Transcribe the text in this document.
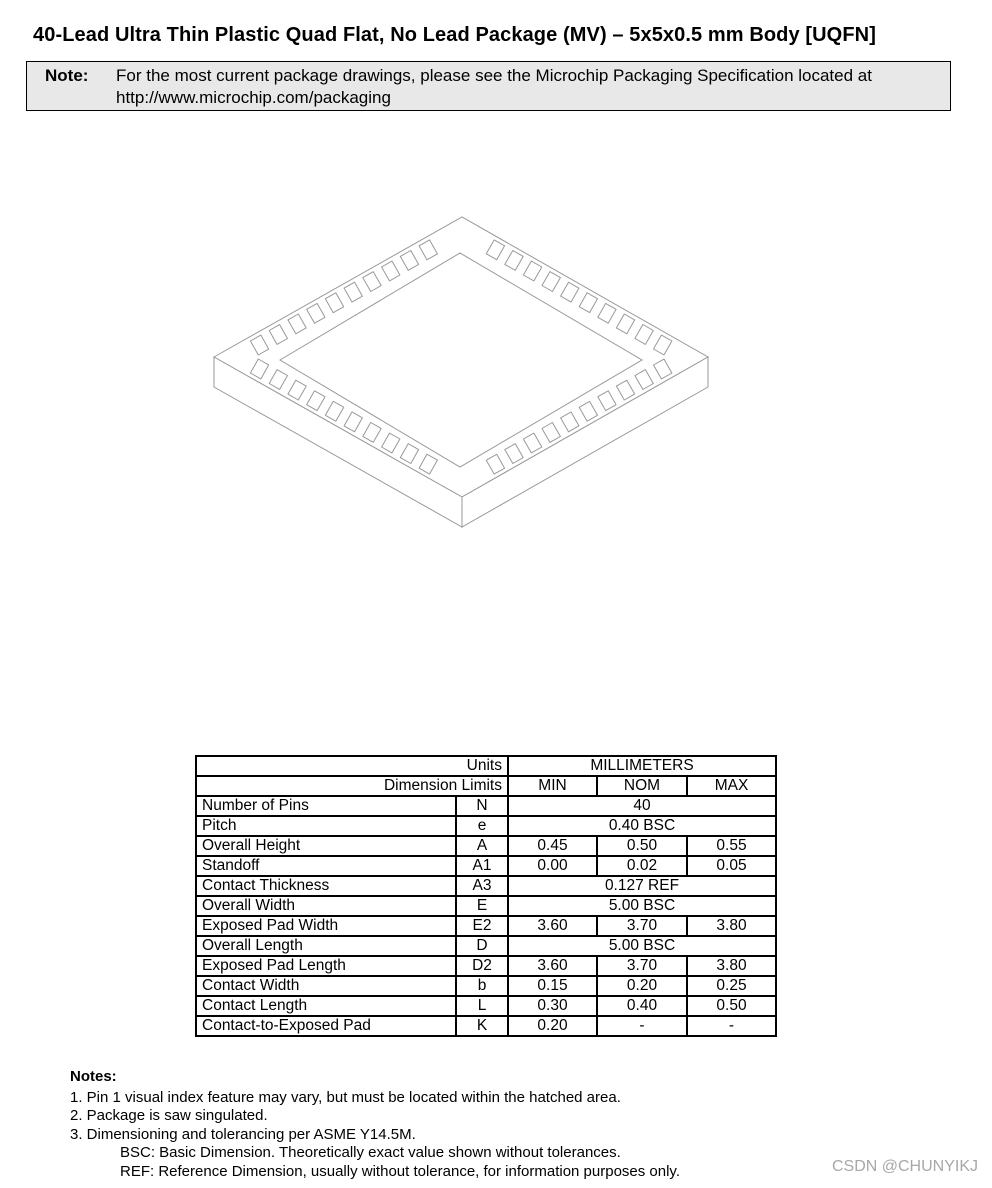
40-Lead Ultra Thin Plastic Quad Flat, No Lead Package (MV) – 5x5x0.5 mm Body [UQFN]
Note: For the most current package drawings, please see the Microchip Packaging Specification located at
http://www.microchip.com/packaging
Units		MILLIMETERS		
Dimension Limits		MIN	NOM	MAX
Number of Pins	N	40		
Pitch	e	0.40 BSC		
Overall Height	A	0.45	0.50	0.55
Standoff	A1	0.00	0.02	0.05
Contact Thickness	A3	0.127 REF		
Overall Width	E	5.00 BSC		
Exposed Pad Width	E2	3.60	3.70	3.80
Overall Length	D	5.00 BSC		
Exposed Pad Length	D2	3.60	3.70	3.80
Contact Width	b	0.15	0.20	0.25
Contact Length	L	0.30	0.40	0.50
Contact-to-Exposed Pad	K	0.20	-	-
Notes:
1. Pin 1 visual index feature may vary, but must be located within the hatched area.
2. Package is saw singulated.
3. Dimensioning and tolerancing per ASME Y14.5M.
BSC: Basic Dimension. Theoretically exact value shown without tolerances.
REF: Reference Dimension, usually without tolerance, for information purposes only.	CSDN @CHUNYIKJ
